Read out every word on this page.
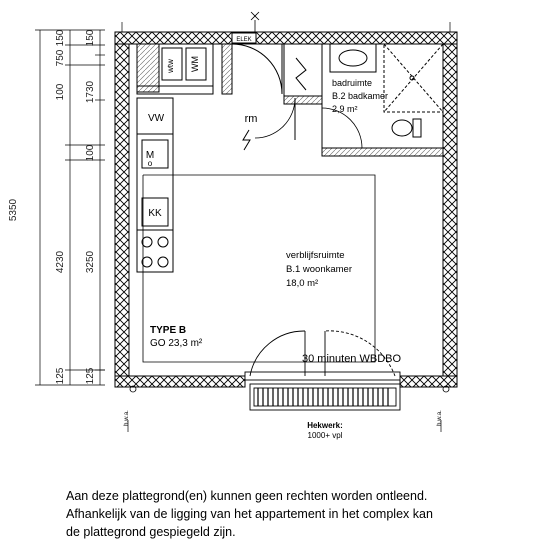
5350
150
100 1730
100
4230
125
750
150
3250
125
wtw WM
ELEK
badruimte
B.2 badkamer
2,9 m²
rm
VW
M
o
KK
verblijfsruimte
B.1 woonkamer
18,0 m²
TYPE B
GO 23,3 m²
30 minuten WBDBO
Hekwerk:
1000+ vpl
h.w.a.	h.w.a.
Aan deze plattegrond(en) kunnen geen rechten worden ontleend.
Afhankelijk van de ligging van het appartement in het complex kan
de plattegrond gespiegeld zijn.
